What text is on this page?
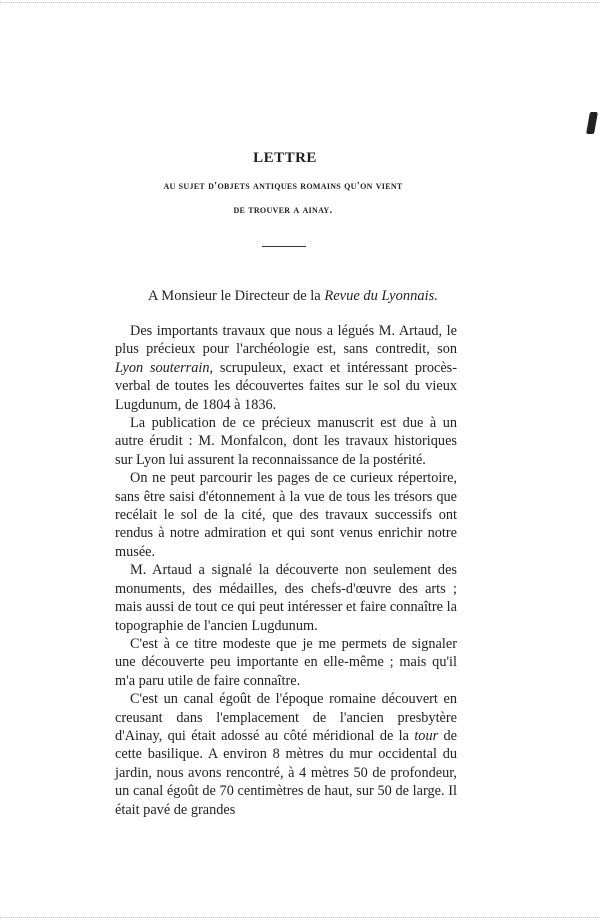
LETTRE
au sujet d'objets antiques romains qu'on vient
de trouver a ainay.
A Monsieur le Directeur de la Revue du Lyonnais.

Des importants travaux que nous a légués M. Artaud, le plus précieux pour l'archéologie est, sans contredit, son Lyon souterrain, scrupuleux, exact et intéressant procès-verbal de toutes les découvertes faites sur le sol du vieux Lugdunum, de 1804 à 1836.

La publication de ce précieux manuscrit est due à un autre érudit : M. Monfalcon, dont les travaux historiques sur Lyon lui assurent la reconnaissance de la postérité.

On ne peut parcourir les pages de ce curieux répertoire, sans être saisi d'étonnement à la vue de tous les trésors que recélait le sol de la cité, que des travaux successifs ont rendus à notre admiration et qui sont venus enrichir notre musée.

M. Artaud a signalé la découverte non seulement des monuments, des médailles, des chefs-d'œuvre des arts ; mais aussi de tout ce qui peut intéresser et faire connaître la topographie de l'ancien Lugdunum.

C'est à ce titre modeste que je me permets de signaler une découverte peu importante en elle-même ; mais qu'il m'a paru utile de faire connaître.

C'est un canal égoût de l'époque romaine découvert en creusant dans l'emplacement de l'ancien presbytère d'Ainay, qui était adossé au côté méridional de la tour de cette basilique. A environ 8 mètres du mur occidental du jardin, nous avons rencontré, à 4 mètres 50 de profondeur, un canal égoût de 70 centimètres de haut, sur 50 de large. Il était pavé de grandes
